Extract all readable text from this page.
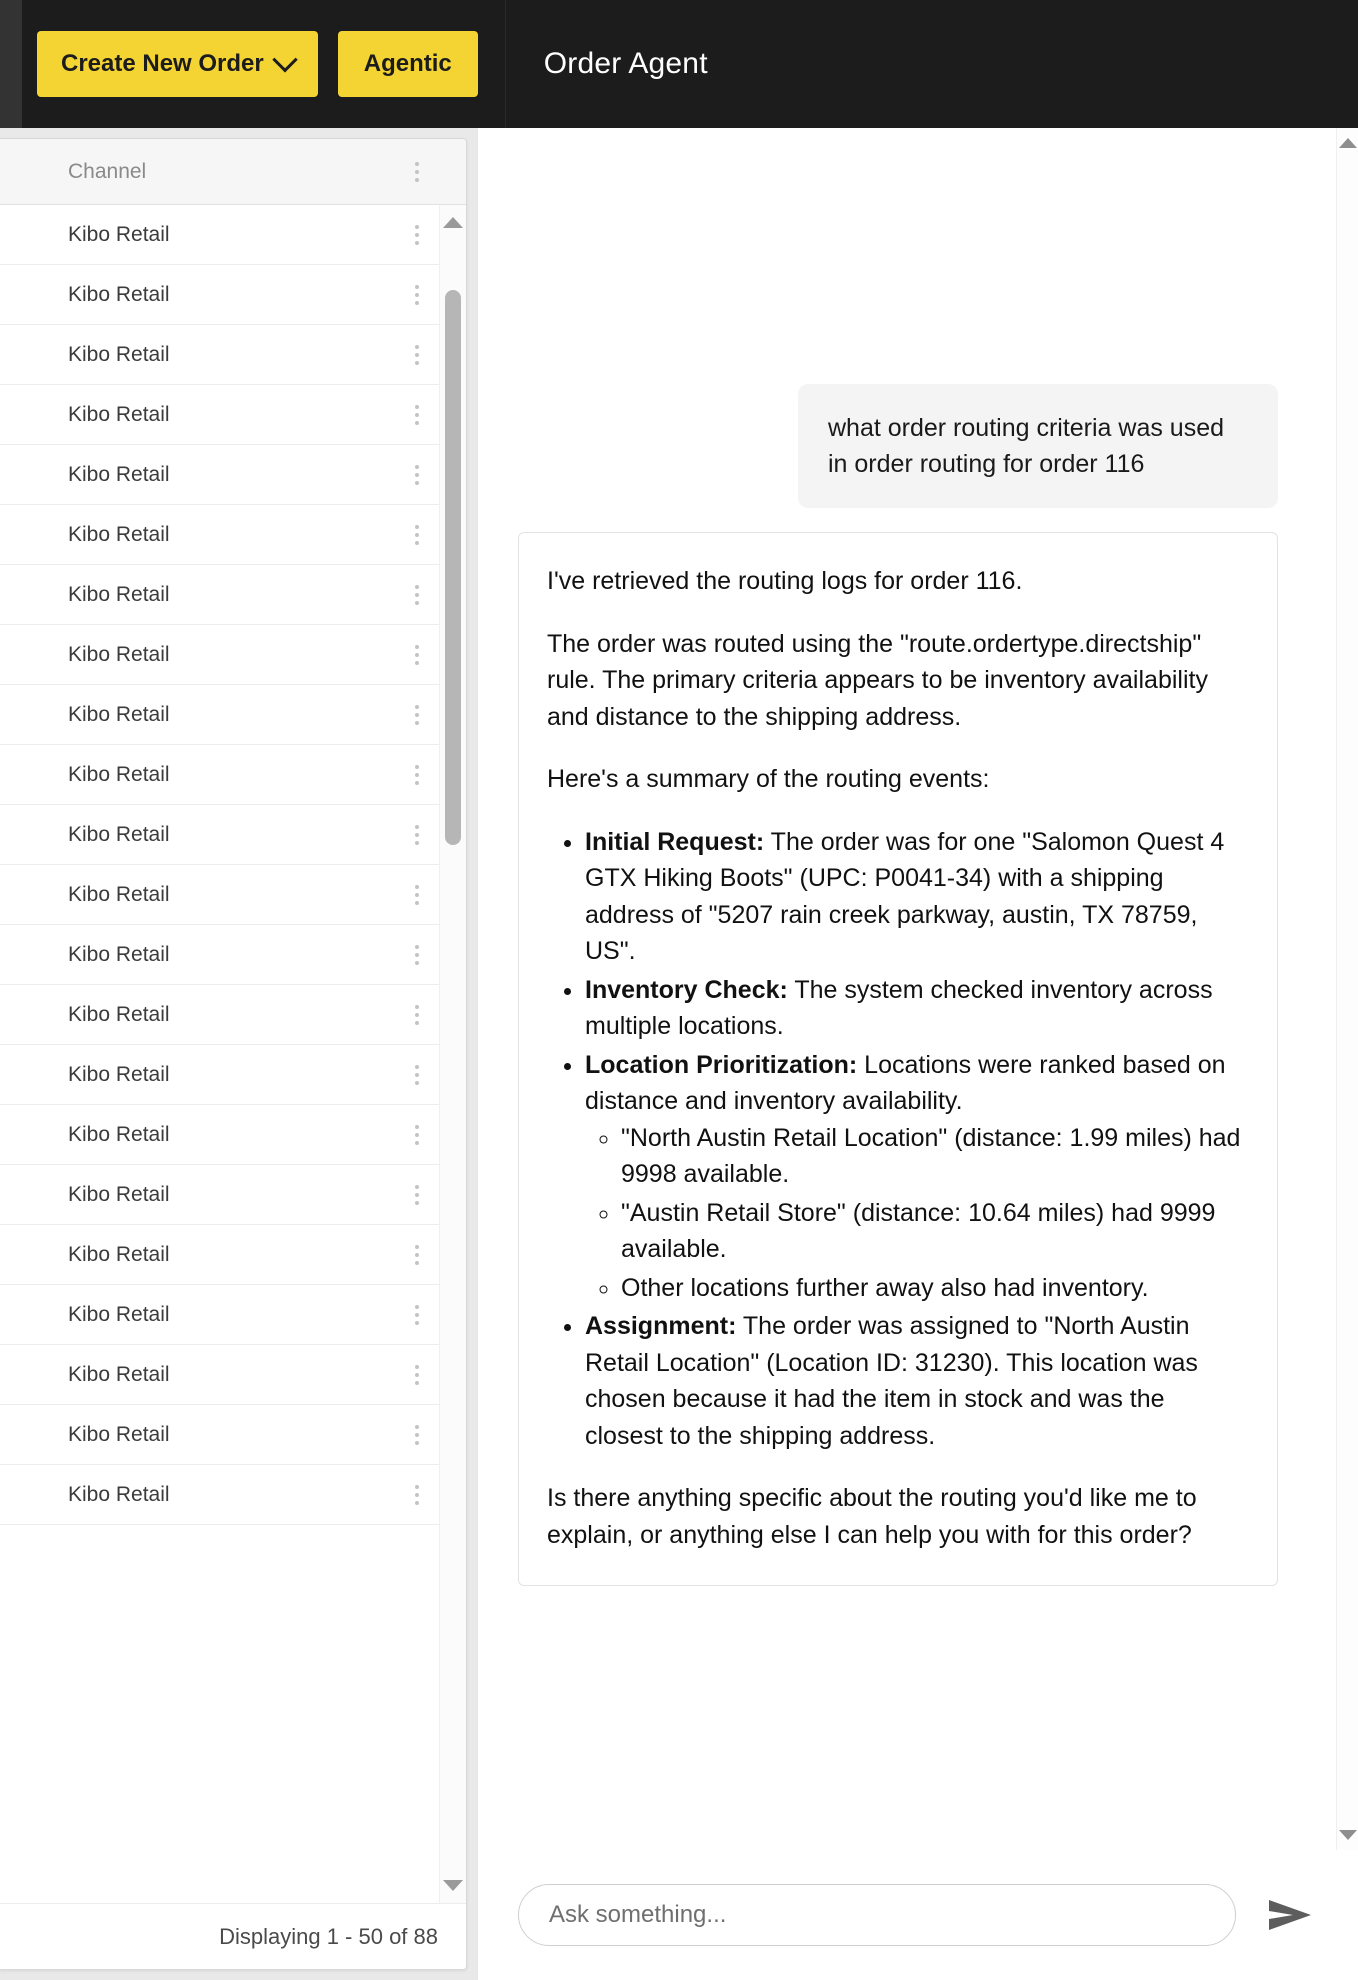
Create New Order	Agentic	Order Agent
Channel
Kibo Retail
Kibo Retail
Kibo Retail
Kibo Retail
Kibo Retail
Kibo Retail
Kibo Retail
Kibo Retail
Kibo Retail
Kibo Retail
Kibo Retail
Kibo Retail
Kibo Retail
Kibo Retail
Kibo Retail
Kibo Retail
Kibo Retail
Kibo Retail
Kibo Retail
Kibo Retail
Kibo Retail
Kibo Retail
Displaying 1 - 50 of 88
what order routing criteria was used in order routing for order 116

I've retrieved the routing logs for order 116.

The order was routed using the "route.ordertype.directship" rule. The primary criteria appears to be inventory availability and distance to the shipping address.

Here's a summary of the routing events:

• Initial Request: The order was for one "Salomon Quest 4 GTX Hiking Boots" (UPC: P0041-34) with a shipping address of "5207 rain creek parkway, austin, TX 78759, US".
• Inventory Check: The system checked inventory across multiple locations.
• Location Prioritization: Locations were ranked based on distance and inventory availability.
◦ "North Austin Retail Location" (distance: 1.99 miles) had 9998 available.
◦ "Austin Retail Store" (distance: 10.64 miles) had 9999 available.
◦ Other locations further away also had inventory.
• Assignment: The order was assigned to "North Austin Retail Location" (Location ID: 31230). This location was chosen because it had the item in stock and was the closest to the shipping address.

Is there anything specific about the routing you'd like me to explain, or anything else I can help you with for this order?

Ask something...
